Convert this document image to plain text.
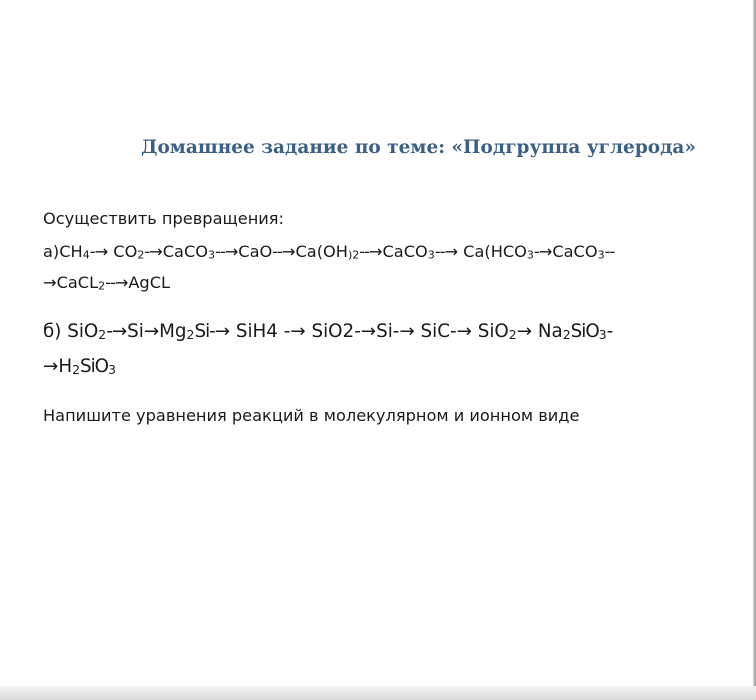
Домашнее задание по теме: «Подгруппа углерода»
Осуществить превращения:
$а)CH_4-\to$ $CO_2-\to CaCO_3--\to CaO--\to Ca(OH_{)2}--\to CaCO_3--\to$ $Ca(HCO_3-\to CaCO_3--$
→CaCL$_2$--→AgCL
б) $SiO_2-\to Si\to Mg_2Si-\to SiH4 -\to SiO2-\to Si-\to SiC-\to SiO_2\to Na_2SiO_3-$
$\to H_2SiO_3$
Напишите уравнения реакций в молекулярном и ионном виде
